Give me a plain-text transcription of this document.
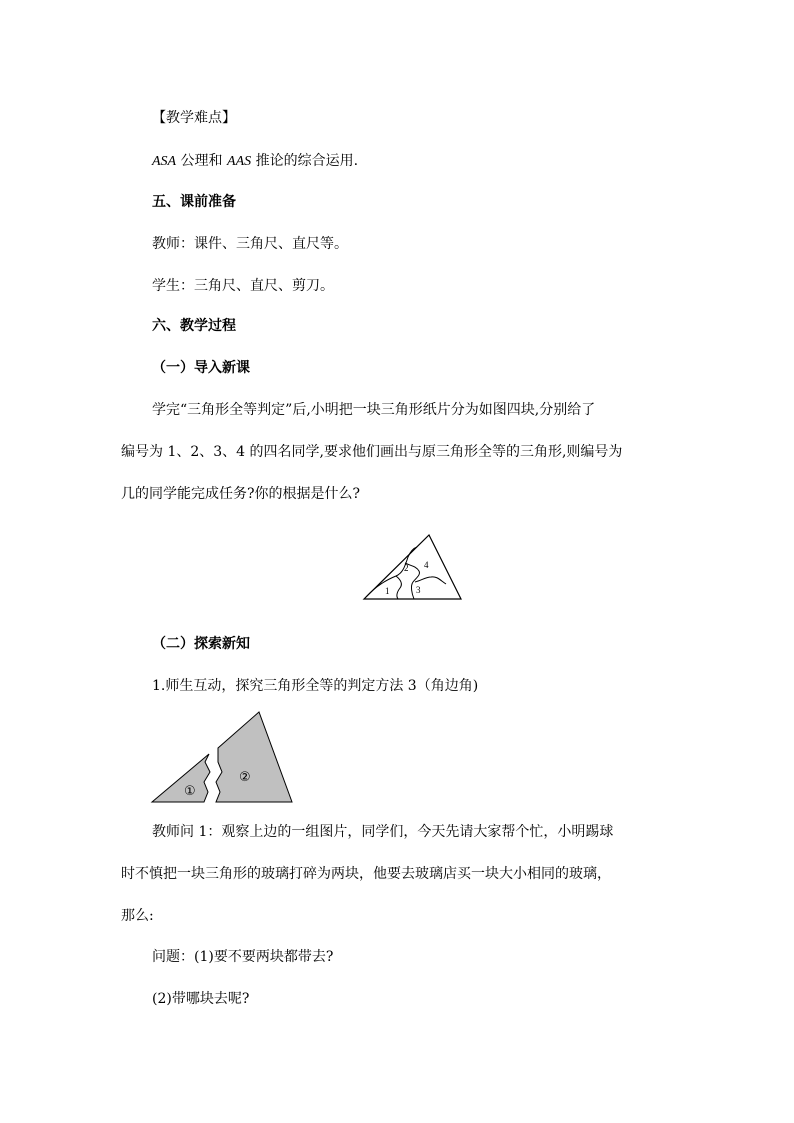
【教学难点】
ASA 公理和 AAS 推论的综合运用.
五、课前准备
教师：课件、三角尺、直尺等。
学生：三角尺、直尺、剪刀。
六、教学过程
（一）导入新课
学完“三角形全等判定”后,小明把一块三角形纸片分为如图四块,分别给了
编号为 1、2、3、4 的四名同学,要求他们画出与原三角形全等的三角形,则编号为
几的同学能完成任务?你的根据是什么?
1
2
3
4
（二）探索新知
1.师生互动，探究三角形全等的判定方法 3（角边角)
①
②
教师问 1：观察上边的一组图片，同学们，今天先请大家帮个忙，小明踢球
时不慎把一块三角形的玻璃打碎为两块，他要去玻璃店买一块大小相同的玻璃，
那么:
问题：(1)要不要两块都带去?
(2)带哪块去呢?
